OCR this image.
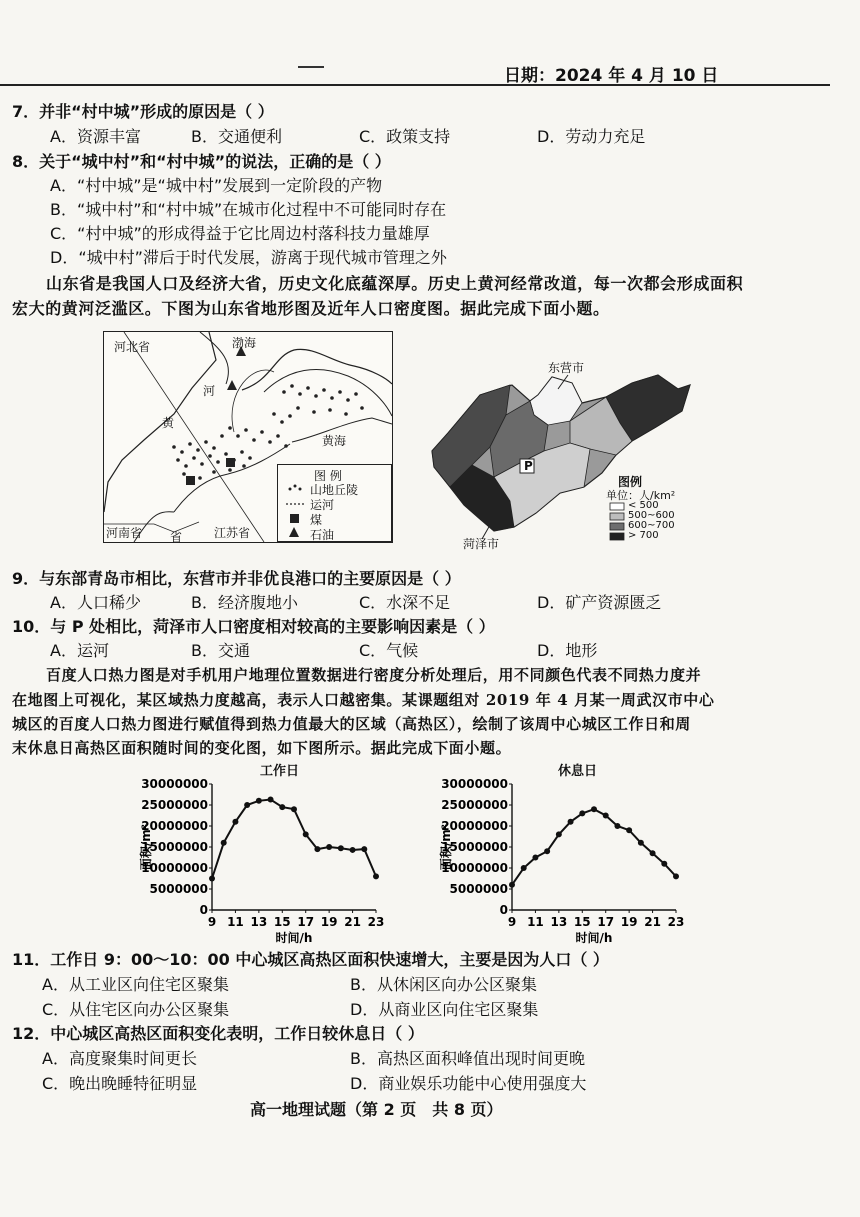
日期：2024 年 4 月 10 日
7．并非“村中城”形成的原因是（ ）
A．资源丰富	B．交通便利	C．政策支持	D．劳动力充足
8．关于“城中村”和“村中城”的说法，正确的是（ ）
A．“村中城”是“城中村”发展到一定阶段的产物
B．“城中村”和“村中城”在城市化过程中不可能同时存在
C．“村中城”的形成得益于它比周边村落科技力量雄厚
D．“城中村”滞后于时代发展，游离于现代城市管理之外
山东省是我国人口及经济大省，历史文化底蕴深厚。历史上黄河经常改道，每一次都会形成面积
宏大的黄河泛滥区。下图为山东省地形图及近年人口密度图。据此完成下面小题。
河北省	渤海
河
黄
黄海
河南省 省	江苏省
图 例
山地丘陵
运河
煤
石油
东营市
菏泽市
P
图例
单位：人/km²
< 500
500~600
600~700
> 700
9．与东部青岛市相比，东营市并非优良港口的主要原因是（ ）
A．人口稀少	B．经济腹地小	C．水深不足	D．矿产资源匮乏
10．与 P 处相比，菏泽市人口密度相对较高的主要影响因素是（ ）
A．运河	B．交通	C．气候	D．地形
百度人口热力图是对手机用户地理位置数据进行密度分析处理后，用不同颜色代表不同热力度并
在地图上可视化，某区域热力度越高，表示人口越密集。某课题组对 2019 年 4 月某一周武汉市中心
城区的百度人口热力图进行赋值得到热力值最大的区域（高热区），绘制了该周中心城区工作日和周
末休息日高热区面积随时间的变化图，如下图所示。据此完成下面小题。
工作日
0
5000000
10000000
15000000
20000000
25000000
30000000
9 11 13 15 17 19 21 23
时间/h
面积/m²
休息日
0
5000000
10000000
15000000
20000000
25000000
30000000
9 11 13 15 17 19 21 23
时间/h
面积/m²
11．工作日 9：00～10：00 中心城区高热区面积快速增大，主要是因为人口（ ）
A．从工业区向住宅区聚集	B．从休闲区向办公区聚集
C．从住宅区向办公区聚集	D．从商业区向住宅区聚集
12．中心城区高热区面积变化表明，工作日较休息日（ ）
A．高度聚集时间更长	B．高热区面积峰值出现时间更晚
C．晚出晚睡特征明显	D．商业娱乐功能中心使用强度大
高一地理试题（第 2 页　共 8 页）
